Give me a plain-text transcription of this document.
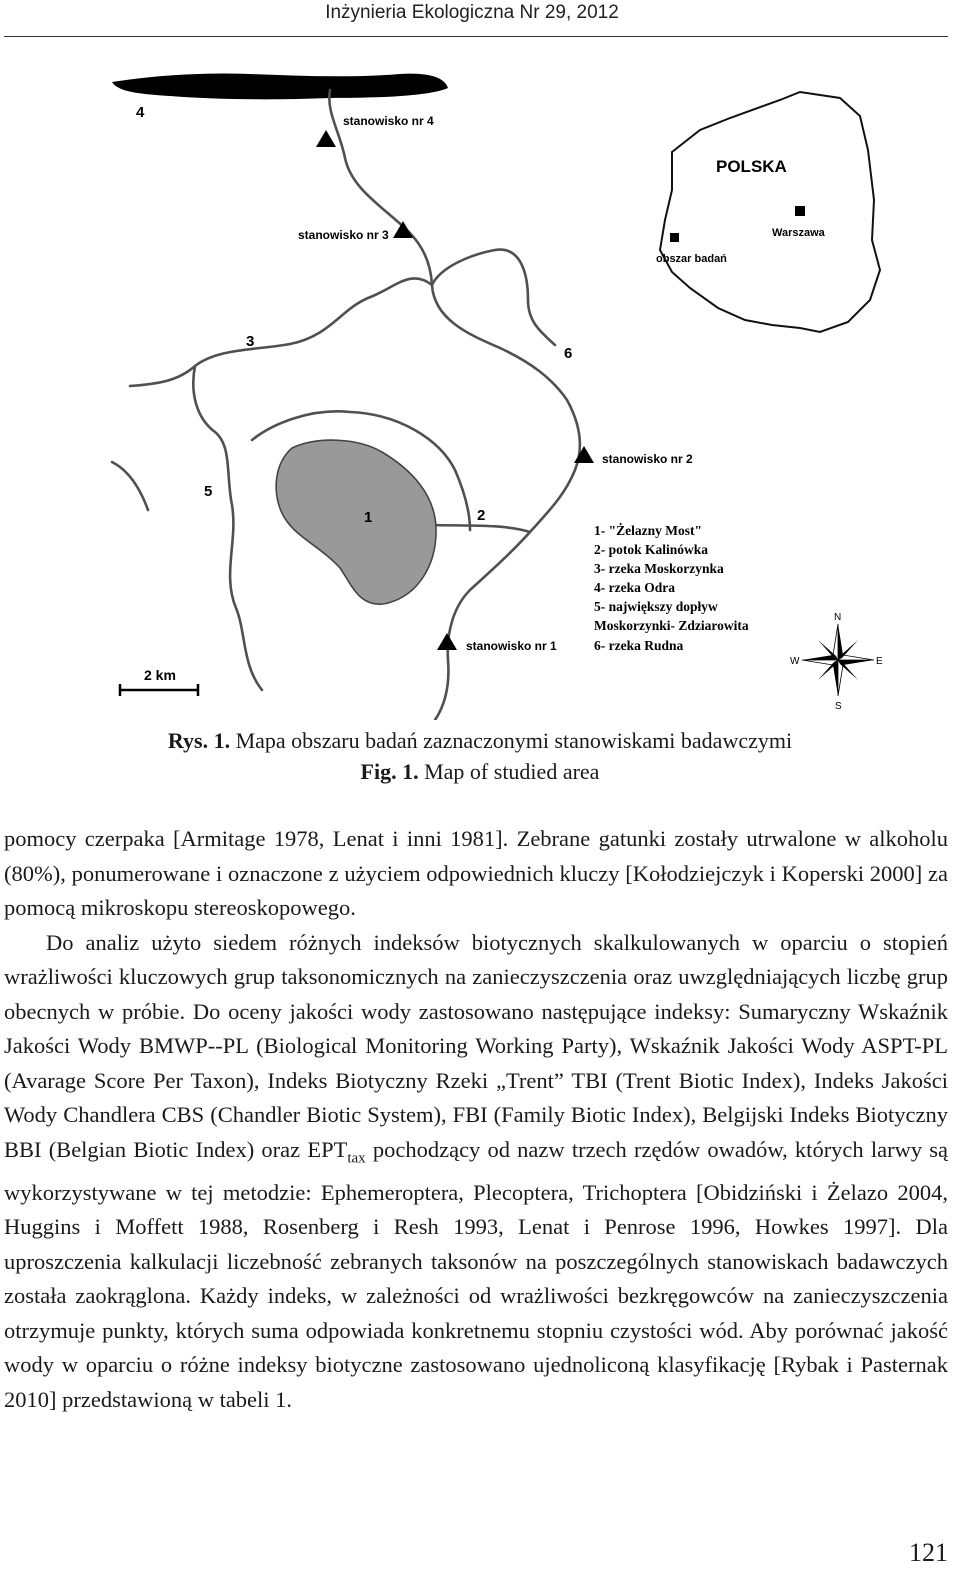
Inżynieria Ekologiczna Nr 29, 2012
stanowisko nr 4
stanowisko nr 3
stanowisko nr 2
stanowisko nr 1
1	2
3
4
5
6
POLSKA
Warszawa
obszar badań
1- "Żelazny Most"
2- potok Kalinówka
3- rzeka Moskorzynka
4- rzeka Odra
5- największy dopływ
Moskorzynki- Zdziarowita
6- rzeka Rudna
2 km
N
E
S
W
Rys. 1. Mapa obszaru badań zaznaczonymi stanowiskami badawczymi
Fig. 1. Map of studied area

pomocy czerpaka [Armitage 1978, Lenat i inni 1981]. Zebrane gatunki zostały utrwalone w alkoholu (80%), ponumerowane i oznaczone z użyciem odpowiednich kluczy [Kołodziejczyk i Koperski 2000] za pomocą mikroskopu stereoskopowego.

Do analiz użyto siedem różnych indeksów biotycznych skalkulowanych w oparciu o stopień wrażliwości kluczowych grup taksonomicznych na zanieczyszczenia oraz uwzględniających liczbę grup obecnych w próbie. Do oceny jakości wody zastosowano następujące indeksy: Sumaryczny Wskaźnik Jakości Wody BMWP--PL (Biological Monitoring Working Party), Wskaźnik Jakości Wody ASPT-PL (Avarage Score Per Taxon), Indeks Biotyczny Rzeki „Trent” TBI (Trent Biotic Index), Indeks Jakości Wody Chandlera CBS (Chandler Biotic System), FBI (Family Biotic Index), Belgijski Indeks Biotyczny BBI (Belgian Biotic Index) oraz $EPT_{tax}$ pochodzący od nazw trzech rzędów owadów, których larwy są wykorzystywane w tej metodzie: Ephemeroptera, Plecoptera, Trichoptera [Obidziński i Żelazo 2004, Huggins i Moffett 1988, Rosenberg i Resh 1993, Lenat i Penrose 1996, Howkes 1997]. Dla uproszczenia kalkulacji liczebność zebranych taksonów na poszczególnych stanowiskach badawczych została zaokrąglona. Każdy indeks, w zależności od wrażliwości bezkręgowców na zanieczyszczenia otrzymuje punkty, których suma odpowiada konkretnemu stopniu czystości wód. Aby porównać jakość wody w oparciu o różne indeksy biotyczne zastosowano ujednoliconą klasyfikację [Rybak i Pasternak 2010] przedstawioną w tabeli 1.

121
